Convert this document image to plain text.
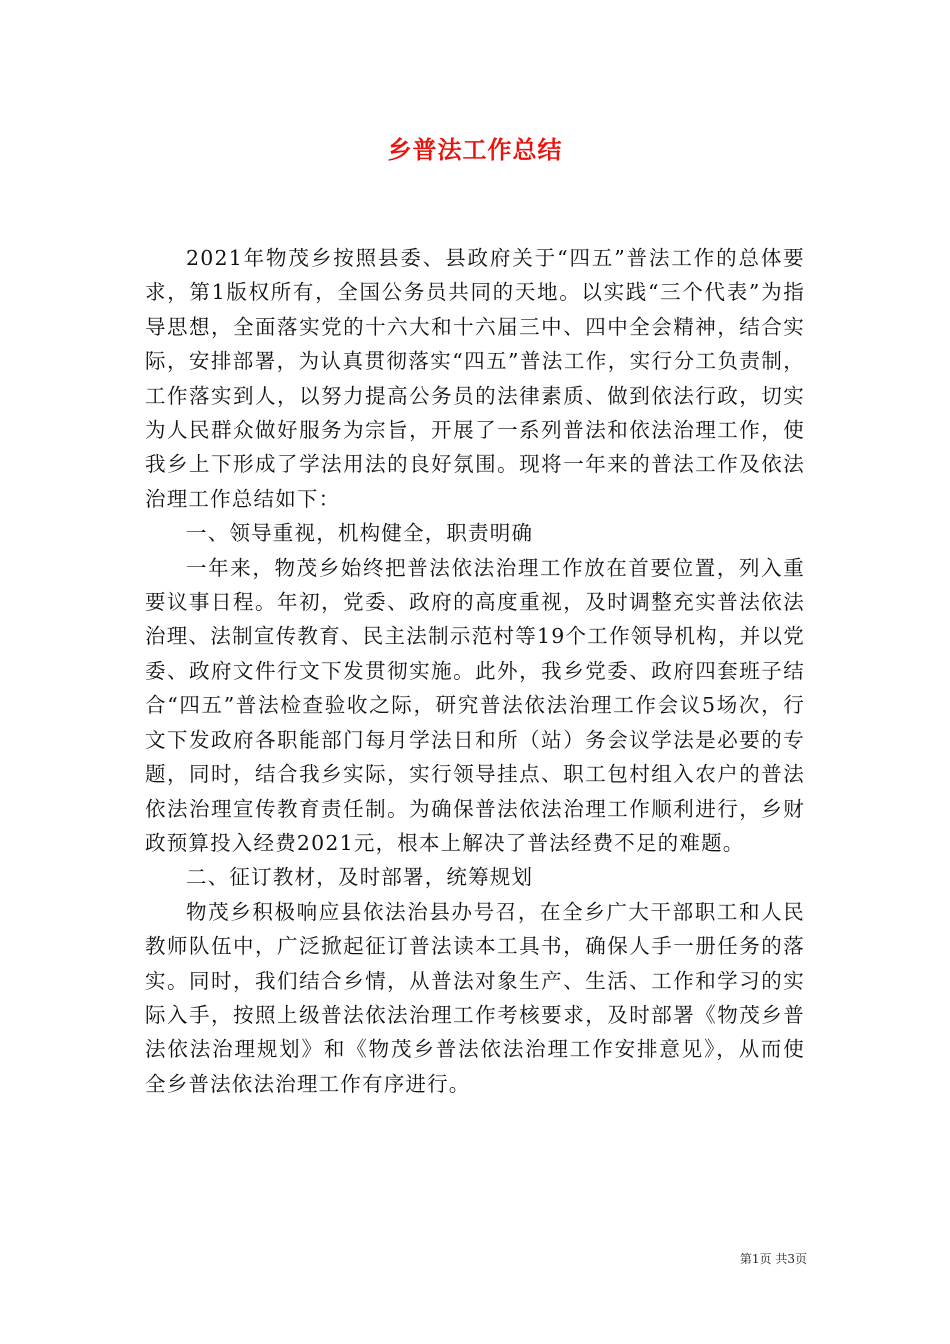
乡普法工作总结

2021年物茂乡按照县委、县政府关于“四五”普法工作的总体要求，第1版权所有，全国公务员共同的天地。以实践“三个代表”为指导思想，全面落实党的十六大和十六届三中、四中全会精神，结合实际，安排部署，为认真贯彻落实“四五”普法工作，实行分工负责制，工作落实到人，以努力提高公务员的法律素质、做到依法行政，切实为人民群众做好服务为宗旨，开展了一系列普法和依法治理工作，使我乡上下形成了学法用法的良好氛围。现将一年来的普法工作及依法治理工作总结如下：

一、领导重视，机构健全，职责明确

一年来，物茂乡始终把普法依法治理工作放在首要位置，列入重要议事日程。年初，党委、政府的高度重视，及时调整充实普法依法治理、法制宣传教育、民主法制示范村等19个工作领导机构，并以党委、政府文件行文下发贯彻实施。此外，我乡党委、政府四套班子结合“四五”普法检查验收之际，研究普法依法治理工作会议5场次，行文下发政府各职能部门每月学法日和所（站）务会议学法是必要的专题，同时，结合我乡实际，实行领导挂点、职工包村组入农户的普法依法治理宣传教育责任制。为确保普法依法治理工作顺利进行，乡财政预算投入经费2021元，根本上解决了普法经费不足的难题。

二、征订教材，及时部署，统筹规划

物茂乡积极响应县依法治县办号召，在全乡广大干部职工和人民教师队伍中，广泛掀起征订普法读本工具书，确保人手一册任务的落实。同时，我们结合乡情，从普法对象生产、生活、工作和学习的实际入手，按照上级普法依法治理工作考核要求，及时部署《物茂乡普法依法治理规划》和《物茂乡普法依法治理工作安排意见》，从而使全乡普法依法治理工作有序进行。

第1页 共3页
